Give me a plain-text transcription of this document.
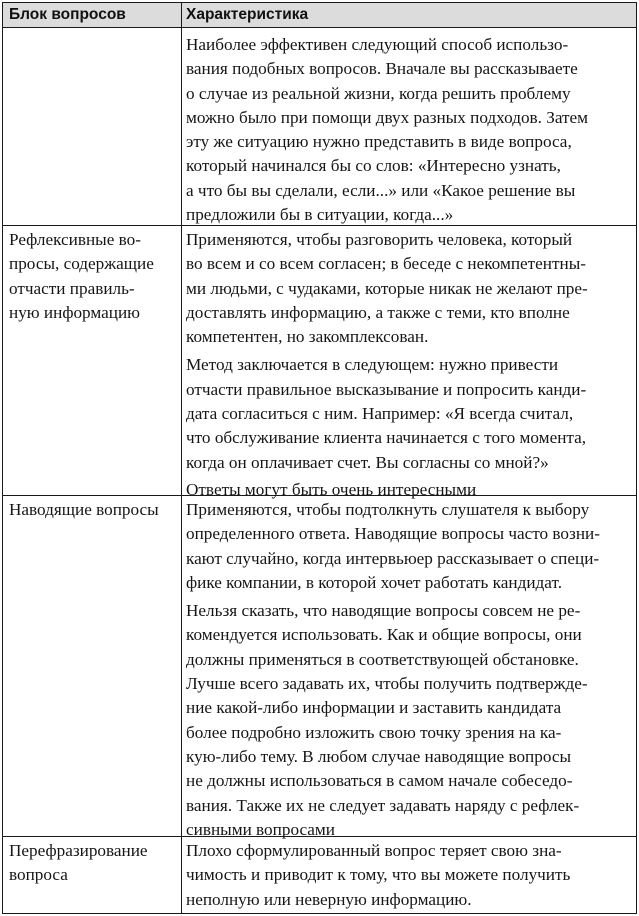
Блок вопросов	Характеристика
Наиболее эффективен следующий способ использо-
вания подобных вопросов. Вначале вы рассказываете
о случае из реальной жизни, когда решить проблему
можно было при помощи двух разных подходов. Затем
эту же ситуацию нужно представить в виде вопроса,
который начинался бы со слов: «Интересно узнать,
а что бы вы сделали, если...» или «Какое решение вы
предложили бы в ситуации, когда...»
Рефлексивные во-
просы, содержащие
отчасти правиль-
ную информацию
Применяются, чтобы разговорить человека, который
во всем и со всем согласен; в беседе с некомпетентны-
ми людьми, с чудаками, которые никак не желают пре-
доставлять информацию, а также с теми, кто вполне
компетентен, но закомплексован.
Метод заключается в следующем: нужно привести
отчасти правильное высказывание и попросить канди-
дата согласиться с ним. Например: «Я всегда считал,
что обслуживание клиента начинается с того момента,
когда он оплачивает счет. Вы согласны со мной?»
Ответы могут быть очень интересными
Наводящие вопросы	Применяются, чтобы подтолкнуть слушателя к выбору
определенного ответа. Наводящие вопросы часто возни-
кают случайно, когда интервьюер рассказывает о специ-
фике компании, в которой хочет работать кандидат.
Нельзя сказать, что наводящие вопросы совсем не ре-
комендуется использовать. Как и общие вопросы, они
должны применяться в соответствующей обстановке.
Лучше всего задавать их, чтобы получить подтвержде-
ние какой-либо информации и заставить кандидата
более подробно изложить свою точку зрения на ка-
кую-либо тему. В любом случае наводящие вопросы
не должны использоваться в самом начале собеседо-
вания. Также их не следует задавать наряду с рефлек-
сивными вопросами
Перефразирование
вопроса
Плохо сформулированный вопрос теряет свою зна-
чимость и приводит к тому, что вы можете получить
неполную или неверную информацию.
